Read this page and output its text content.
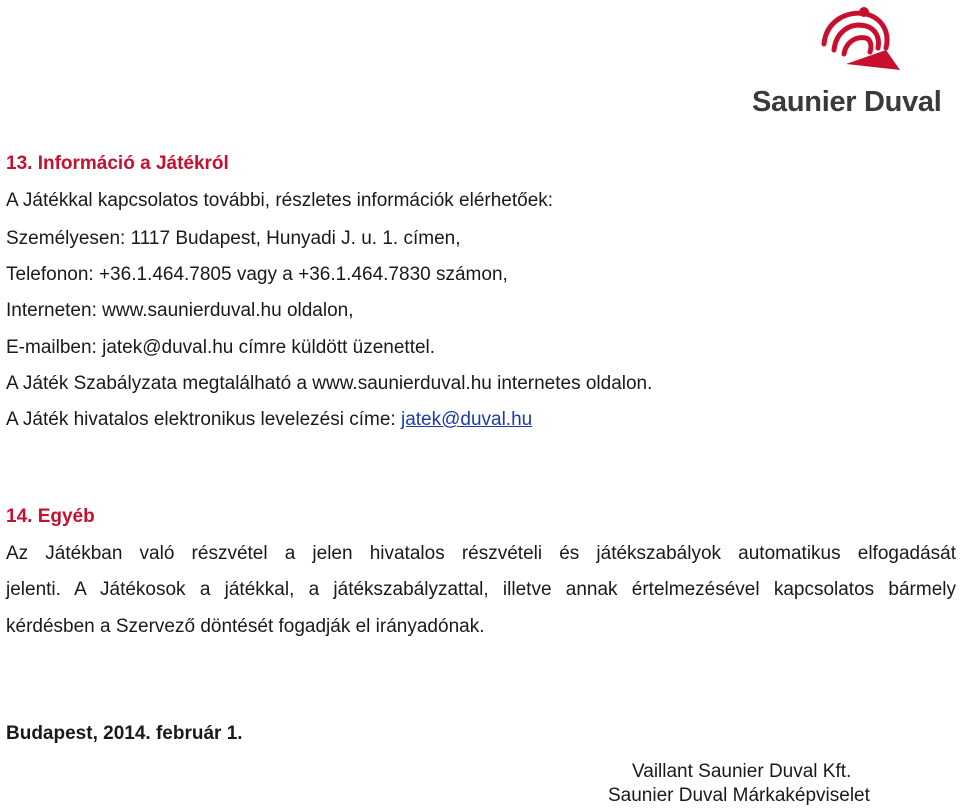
Saunier Duval
13. Információ a Játékról
A Játékkal kapcsolatos további, részletes információk elérhetőek:
Személyesen: 1117 Budapest, Hunyadi J. u. 1. címen,
Telefonon: +36.1.464.7805 vagy a +36.1.464.7830 számon,
Interneten: www.saunierduval.hu oldalon,
E-mailben: jatek@duval.hu címre küldött üzenettel.
A Játék Szabályzata megtalálható a www.saunierduval.hu internetes oldalon.
A Játék hivatalos elektronikus levelezési címe: jatek@duval.hu
14. Egyéb
Az Játékban való részvétel a jelen hivatalos részvételi és játékszabályok automatikus elfogadását
jelenti. A Játékosok a játékkal, a játékszabályzattal, illetve annak értelmezésével kapcsolatos bármely
kérdésben a Szervező döntését fogadják el irányadónak.
Budapest, 2014. február 1.
Vaillant Saunier Duval Kft.
Saunier Duval Márkaképviselet
